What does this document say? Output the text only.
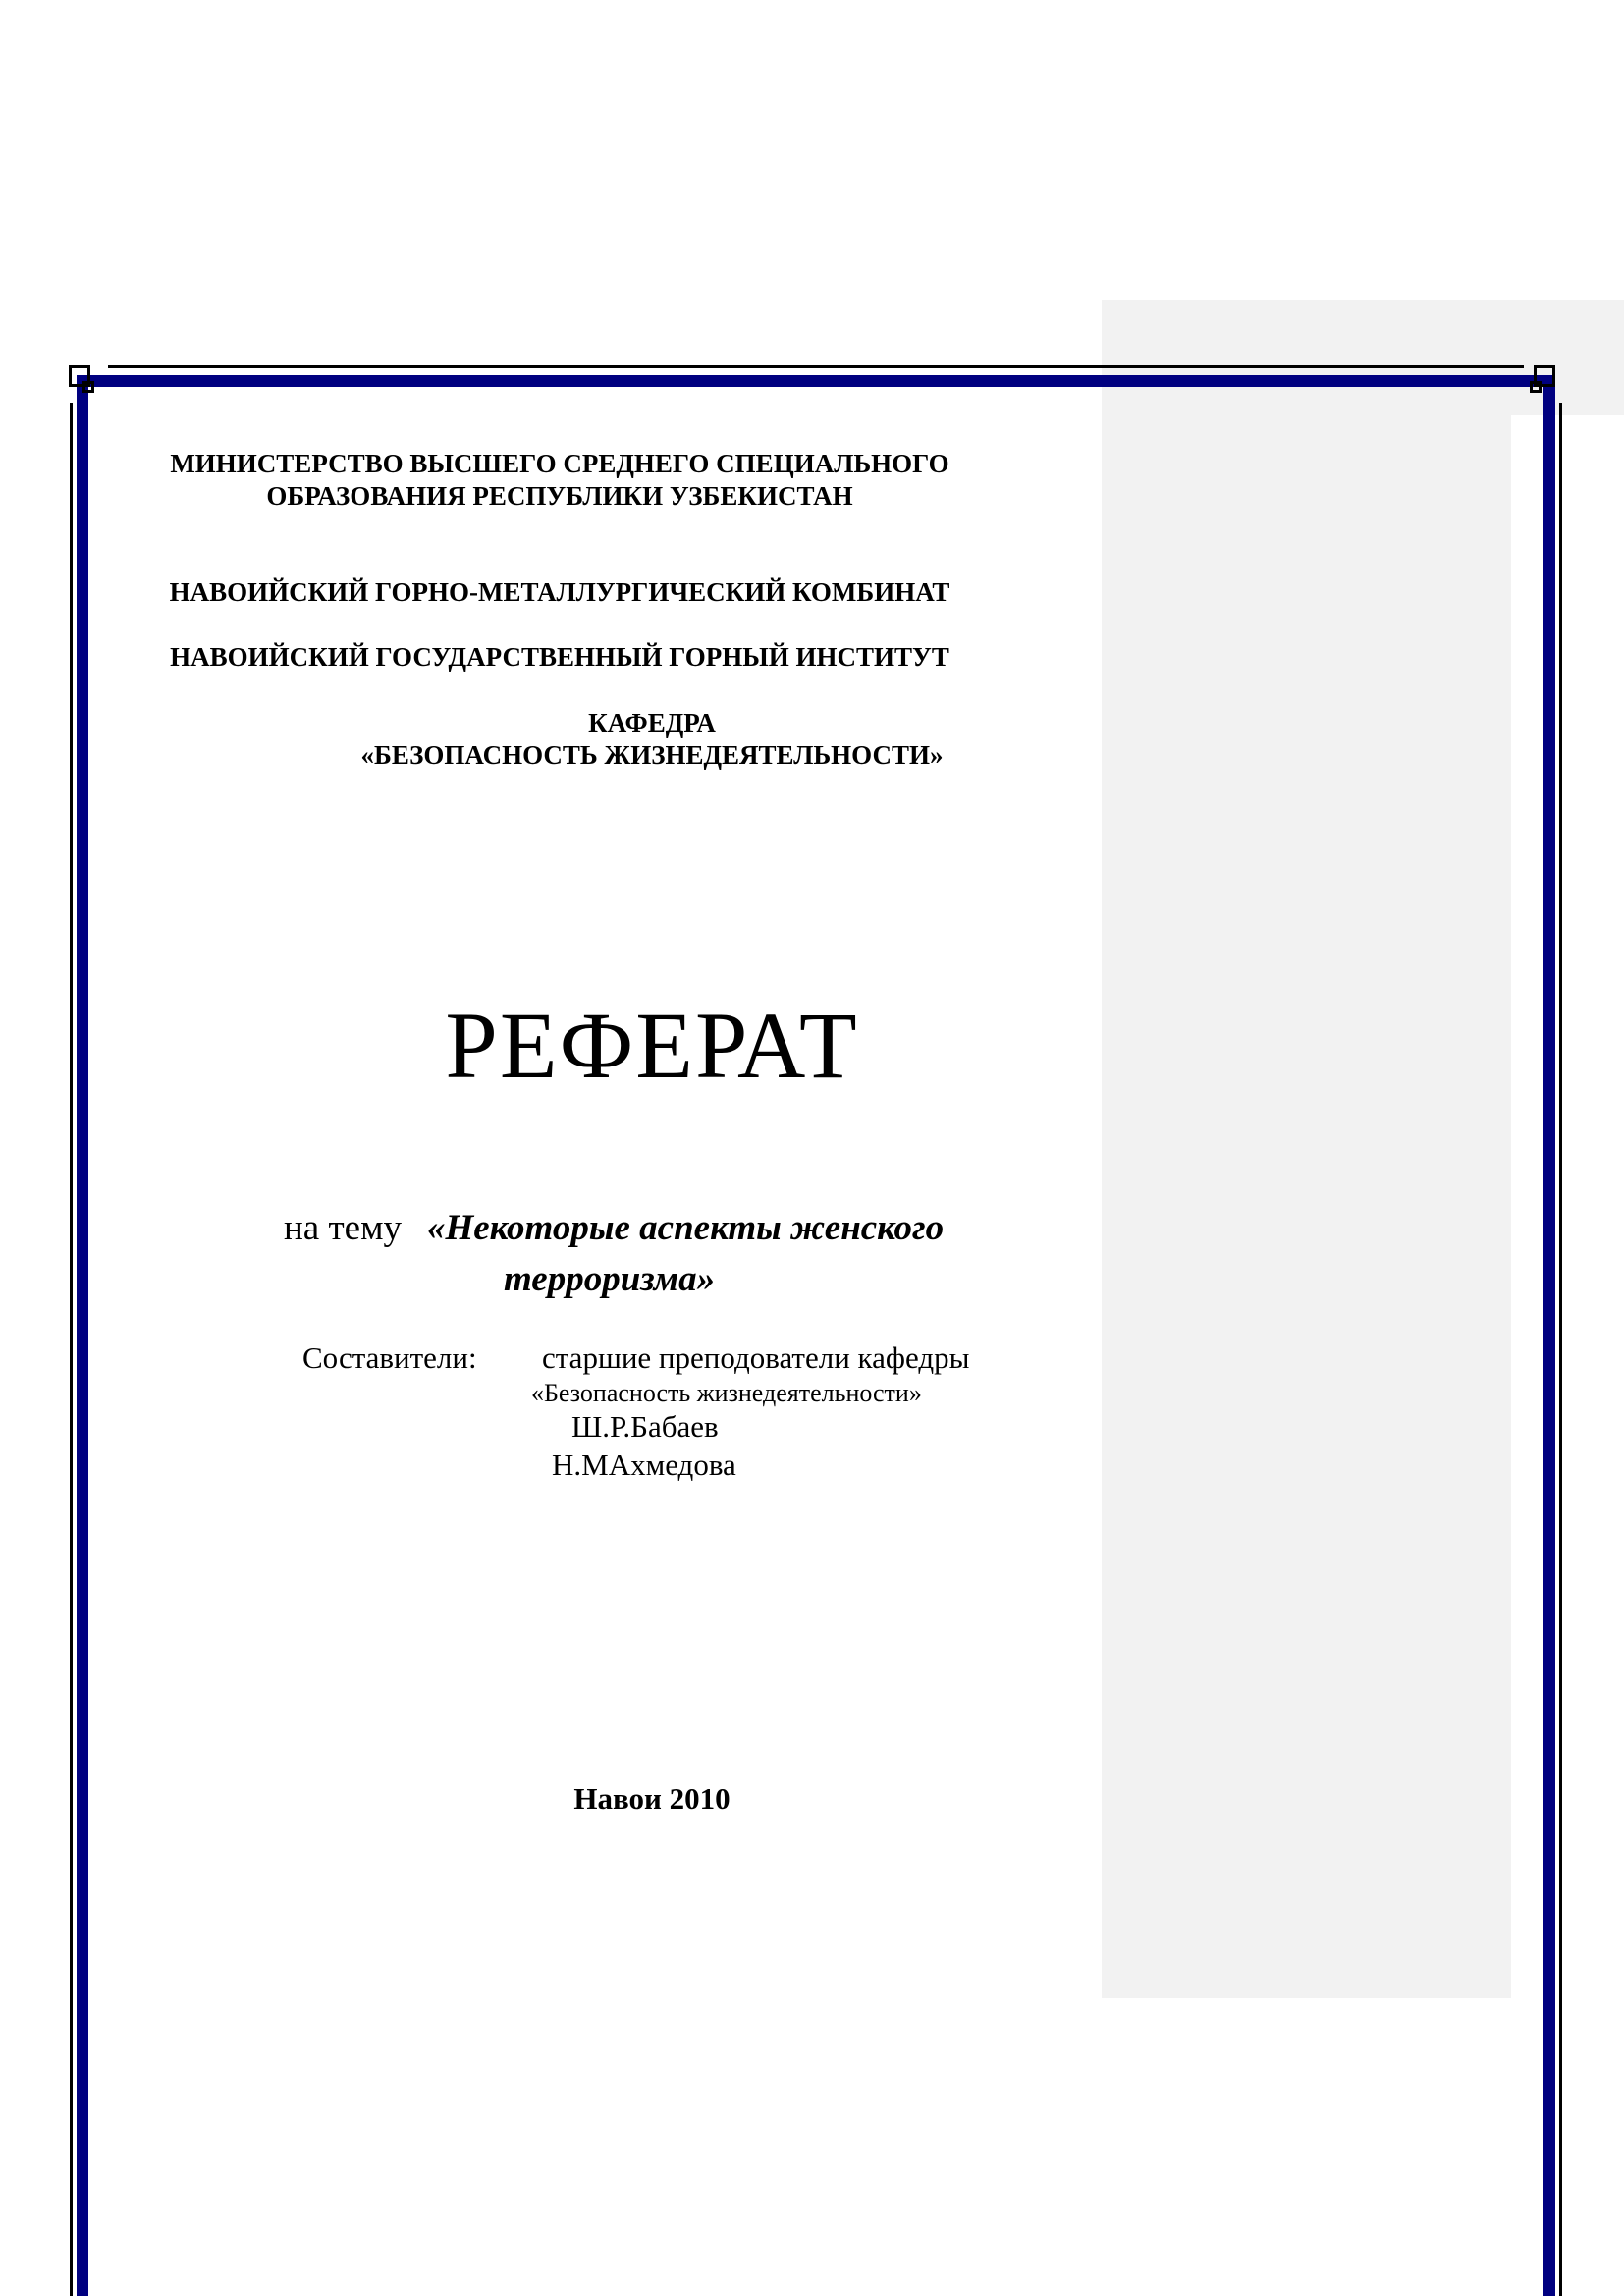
МИНИСТЕРСТВО ВЫСШЕГО СРЕДНЕГО СПЕЦИАЛЬНОГО
ОБРАЗОВАНИЯ РЕСПУБЛИКИ УЗБЕКИСТАН
НАВОИЙСКИЙ ГОРНО-МЕТАЛЛУРГИЧЕСКИЙ КОМБИНАТ
НАВОИЙСКИЙ ГОСУДАРСТВЕННЫЙ ГОРНЫЙ ИНСТИТУТ
КАФЕДРА
«БЕЗОПАСНОСТЬ ЖИЗНЕДЕЯТЕЛЬНОСТИ»
РЕФЕРАТ
на тему «Некоторые аспекты женского
терроризма»
Составители: старшие преподователи кафедры
«Безопасность жизнедеятельности»
Ш.Р.Бабаев
Н.МАхмедова
Навои 2010
